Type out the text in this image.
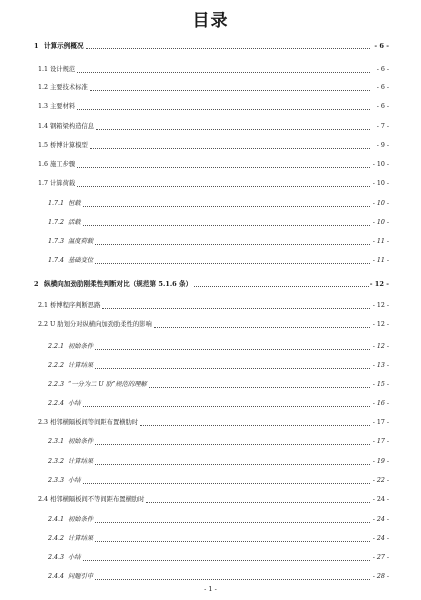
目录
1 计算示例概况	- 6 -
1.1 设计规范	- 6 -
1.2 主要技术标准	- 6 -
1.3 主要材料	- 6 -
1.4 钢箱梁构造信息	- 7 -
1.5 桥博计算模型	- 9 -
1.6 施工步骤	- 10 -
1.7 计算荷载	- 10 -
1.7.1 恒载	- 10 -
1.7.2 活载	- 10 -
1.7.3 温度荷载	- 11 -
1.7.4 基础变位	- 11 -
2 纵横向加劲肋刚柔性判断对比（规范第 5.1.6 条）	- 12 -
2.1 桥博程序判断思路	- 12 -
2.2 U 肋划分对纵横向加劲肋柔性的影响	- 12 -
2.2.1 初始条件	- 12 -
2.2.2 计算结果	- 13 -
2.2.3 “一分为二 U 肋”规范的理解	- 15 -
2.2.4 小结	- 16 -
2.3 相邻横隔板间等间距布置横肋时	- 17 -
2.3.1 初始条件	- 17 -
2.3.2 计算结果	- 19 -
2.3.3 小结	- 22 -
2.4 相邻横隔板间不等间距布置横肋时	- 24 -
2.4.1 初始条件	- 24 -
2.4.2 计算结果	- 24 -
2.4.3 小结	- 27 -
2.4.4 问题引申	- 28 -
- 1 -
